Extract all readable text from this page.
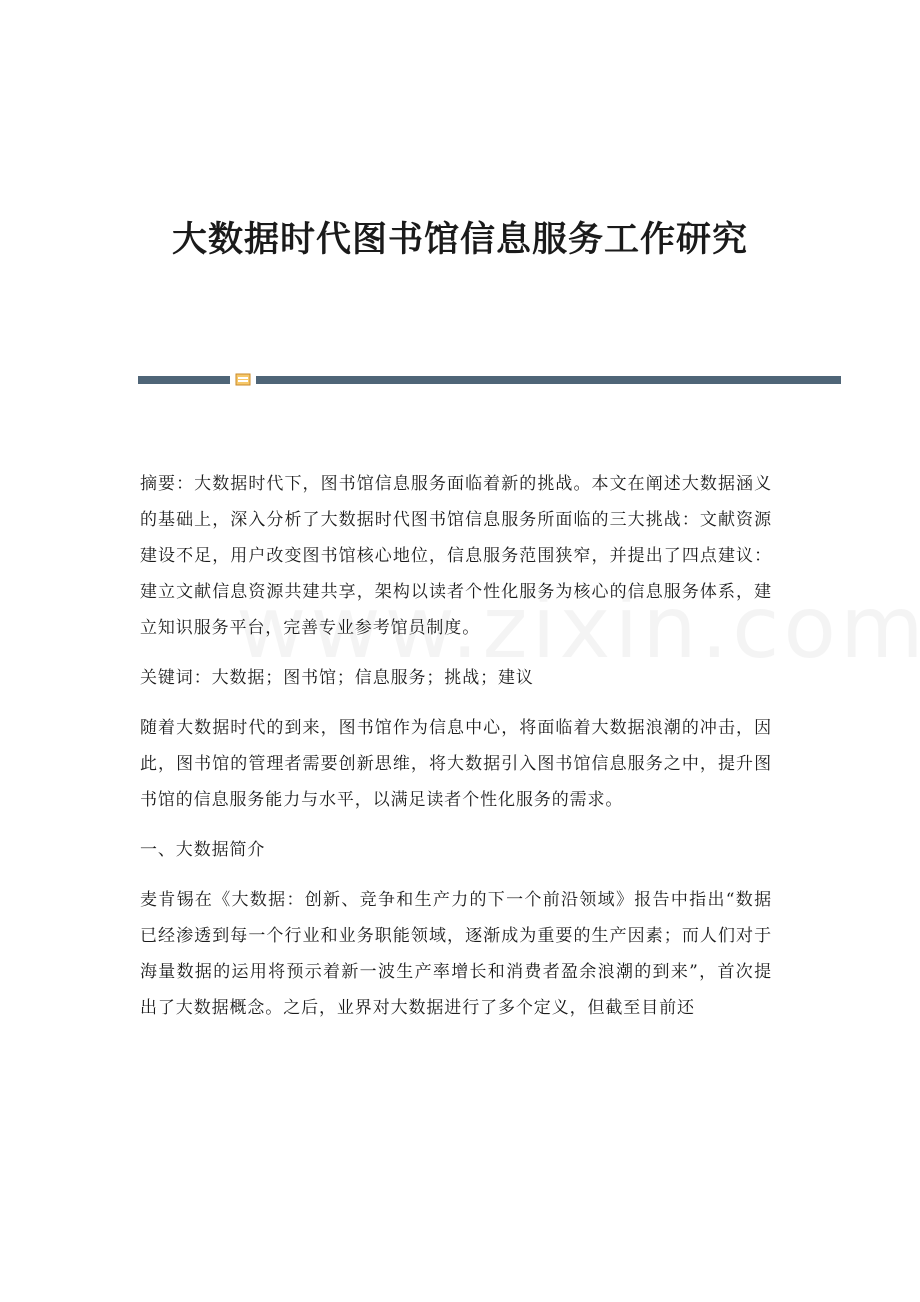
大数据时代图书馆信息服务工作研究

摘要：大数据时代下，图书馆信息服务面临着新的挑战。本文在阐述大数据涵义的基础上，深入分析了大数据时代图书馆信息服务所面临的三大挑战：文献资源建设不足，用户改变图书馆核心地位，信息服务范围狭窄，并提出了四点建议：建立文献信息资源共建共享，架构以读者个性化服务为核心的信息服务体系，建立知识服务平台，完善专业参考馆员制度。

关键词：大数据；图书馆；信息服务；挑战；建议

随着大数据时代的到来，图书馆作为信息中心，将面临着大数据浪潮的冲击，因此，图书馆的管理者需要创新思维，将大数据引入图书馆信息服务之中，提升图书馆的信息服务能力与水平，以满足读者个性化服务的需求。

一、大数据简介

麦肯锡在《大数据：创新、竞争和生产力的下一个前沿领域》报告中指出“数据已经渗透到每一个行业和业务职能领域，逐渐成为重要的生产因素；而人们对于海量数据的运用将预示着新一波生产率增长和消费者盈余浪潮的到来”，首次提出了大数据概念。之后，业界对大数据进行了多个定义，但截至目前还
